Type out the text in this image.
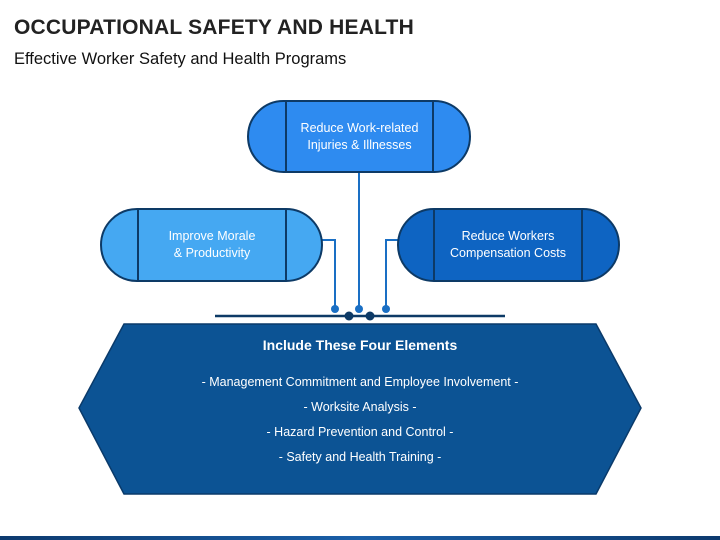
OCCUPATIONAL SAFETY AND HEALTH
Effective Worker Safety and Health Programs
Reduce Work-related
Injuries & Illnesses
Improve Morale
& Productivity
Reduce Workers
Compensation Costs
Include These Four Elements
- Management Commitment and Employee Involvement -
- Worksite Analysis -
- Hazard Prevention and Control -
- Safety and Health Training -
